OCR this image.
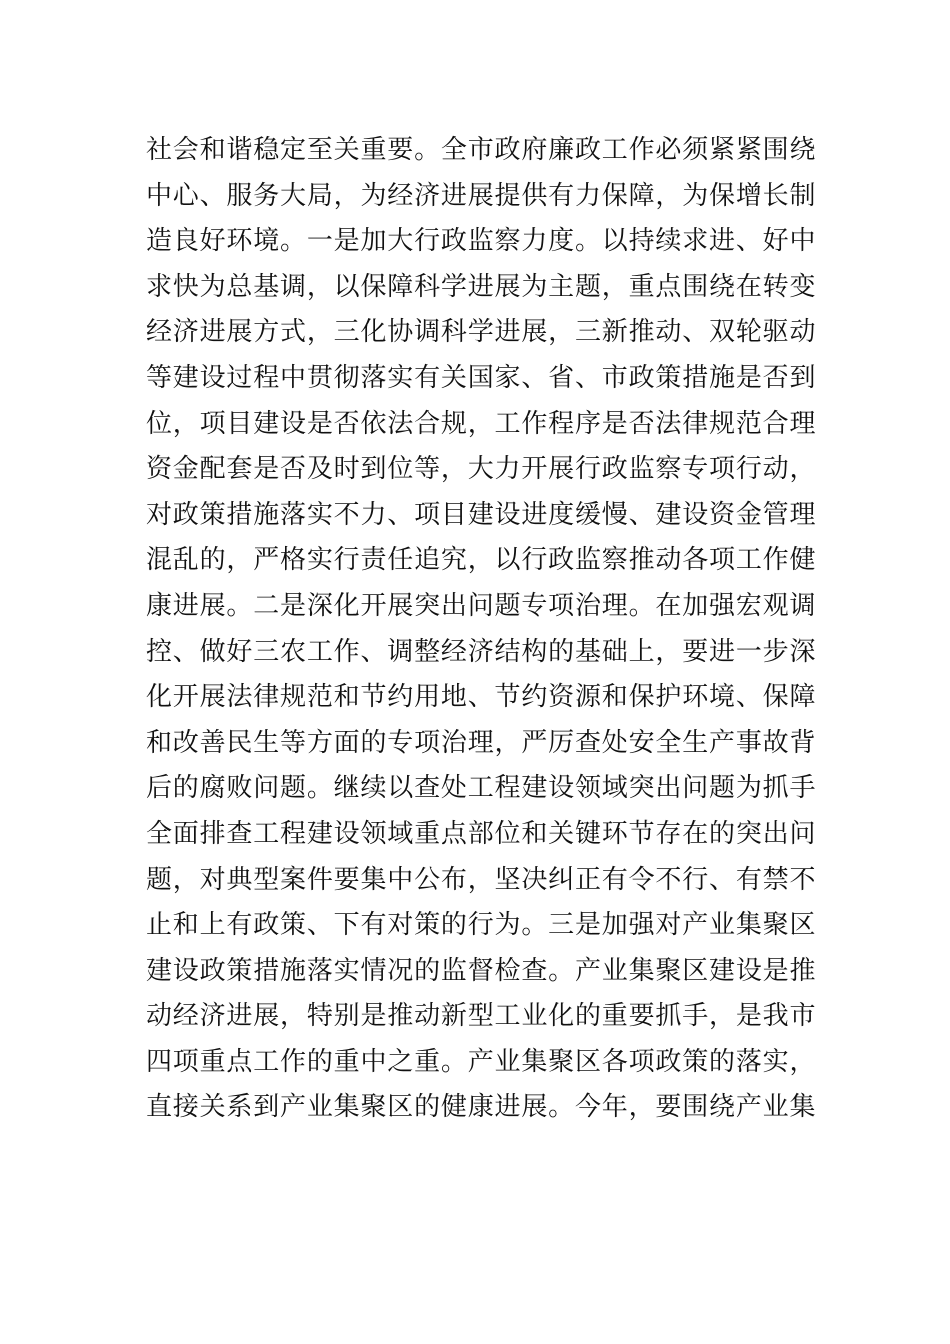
社会和谐稳定至关重要。全市政府廉政工作必须紧紧围绕
中心、服务大局，为经济进展提供有力保障，为保增长制
造良好环境。一是加大行政监察力度。以持续求进、好中
求快为总基调，以保障科学进展为主题，重点围绕在转变
经济进展方式，三化协调科学进展，三新推动、双轮驱动
等建设过程中贯彻落实有关国家、省、市政策措施是否到
位，项目建设是否依法合规，工作程序是否法律规范合理
资金配套是否及时到位等，大力开展行政监察专项行动，
对政策措施落实不力、项目建设进度缓慢、建设资金管理
混乱的，严格实行责任追究，以行政监察推动各项工作健
康进展。二是深化开展突出问题专项治理。在加强宏观调
控、做好三农工作、调整经济结构的基础上，要进一步深
化开展法律规范和节约用地、节约资源和保护环境、保障
和改善民生等方面的专项治理，严厉查处安全生产事故背
后的腐败问题。继续以查处工程建设领域突出问题为抓手
全面排查工程建设领域重点部位和关键环节存在的突出问
题，对典型案件要集中公布，坚决纠正有令不行、有禁不
止和上有政策、下有对策的行为。三是加强对产业集聚区
建设政策措施落实情况的监督检查。产业集聚区建设是推
动经济进展，特别是推动新型工业化的重要抓手，是我市
四项重点工作的重中之重。产业集聚区各项政策的落实，
直接关系到产业集聚区的健康进展。今年，要围绕产业集
